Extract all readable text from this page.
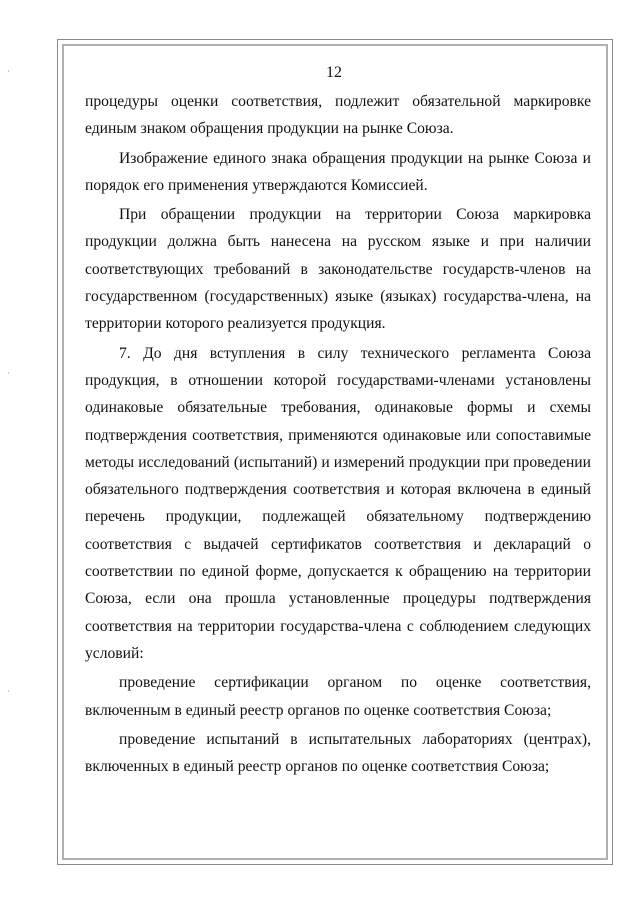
12

процедуры оценки соответствия, подлежит обязательной маркировке единым знаком обращения продукции на рынке Союза.

Изображение единого знака обращения продукции на рынке Союза и порядок его применения утверждаются Комиссией.

При обращении продукции на территории Союза маркировка продукции должна быть нанесена на русском языке и при наличии соответствующих требований в законодательстве государств-членов на государственном (государственных) языке (языках) государства-члена, на территории которого реализуется продукция.

7. До дня вступления в силу технического регламента Союза продукция, в отношении которой государствами-членами установлены одинаковые обязательные требования, одинаковые формы и схемы подтверждения соответствия, применяются одинаковые или сопоставимые методы исследований (испытаний) и измерений продукции при проведении обязательного подтверждения соответствия и которая включена в единый перечень продукции, подлежащей обязательному подтверждению соответствия с выдачей сертификатов соответствия и деклараций о соответствии по единой форме, допускается к обращению на территории Союза, если она прошла установленные процедуры подтверждения соответствия на территории государства-члена с соблюдением следующих условий:

проведение сертификации органом по оценке соответствия, включенным в единый реестр органов по оценке соответствия Союза;

проведение испытаний в испытательных лабораториях (центрах), включенных в единый реестр органов по оценке соответствия Союза;
